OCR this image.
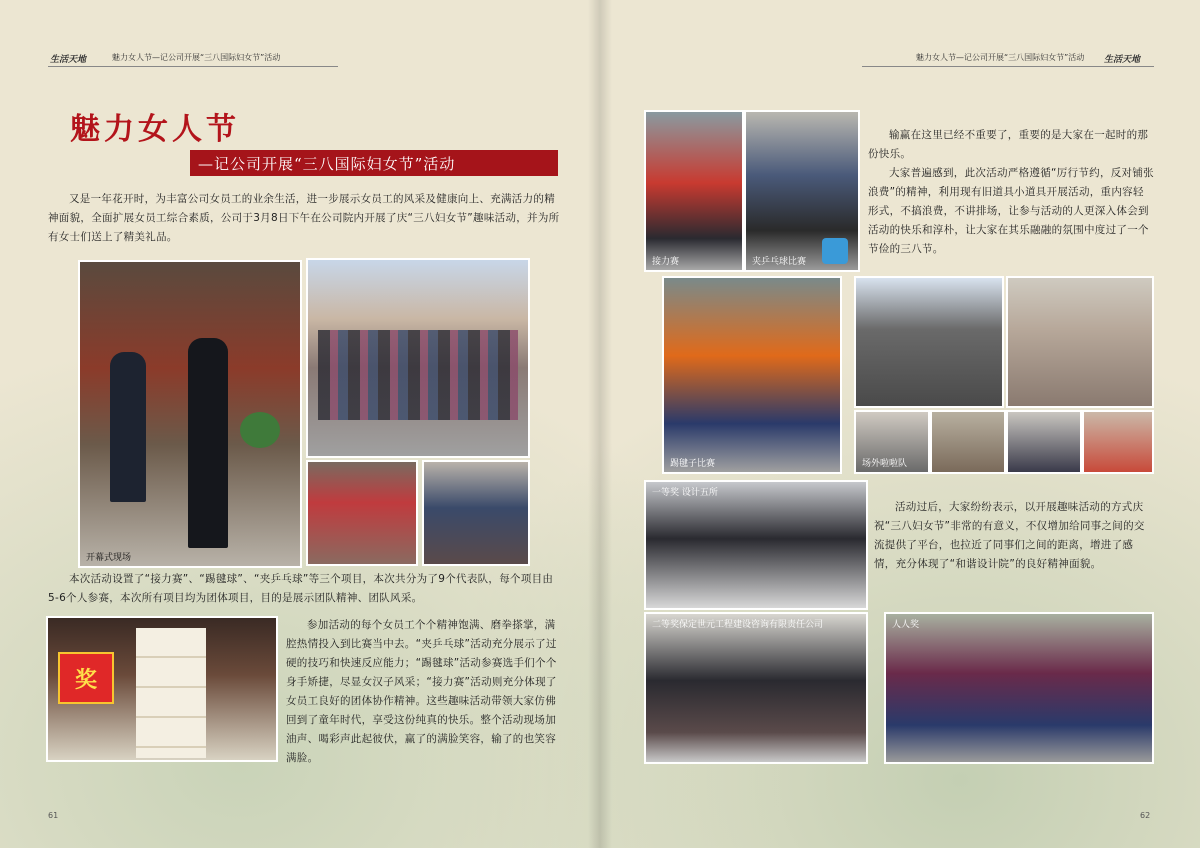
生活天地	魅力女人节—记公司开展“三八国际妇女节”活动
魅力女人节
—记公司开展“三八国际妇女节”活动
又是一年花开时，为丰富公司女员工的业余生活，进一步展示女员工的风采及健康向上、充满活力的精神面貌，全面扩展女员工综合素质，公司于3月8日下午在公司院内开展了庆“三八妇女节”趣味活动，并为所有女士们送上了精美礼品。
开幕式现场
本次活动设置了“接力赛”、“踢毽球”、“夹乒乓球”等三个项目，本次共分为了9个代表队，每个项目由5-6个人参赛，本次所有项目均为团体项目，目的是展示团队精神、团队风采。
奖
参加活动的每个女员工个个精神饱满、磨拳搽掌，满腔热情投入到比赛当中去。“夹乒乓球”活动充分展示了过硬的技巧和快速反应能力；“踢毽球”活动参赛选手们个个身手矫捷，尽显女汉子风采；“接力赛”活动则充分体现了女员工良好的团体协作精神。这些趣味活动带领大家仿佛回到了童年时代，享受这份纯真的快乐。整个活动现场加油声、喝彩声此起彼伏，赢了的满脸笑容，输了的也笑容满脸。
61
魅力女人节—记公司开展“三八国际妇女节”活动 生活天地
接力赛	夹乒乓球比赛
输赢在这里已经不重要了，重要的是大家在一起时的那份快乐。
大家普遍感到，此次活动严格遵循“厉行节约，反对铺张浪费”的精神，利用现有旧道具小道具开展活动，重内容轻形式，不搞浪费，不讲排场，让参与活动的人更深入体会到活动的快乐和淳朴，让大家在其乐融融的氛围中度过了一个节俭的三八节。
踢毽子比赛	场外啦啦队
一等奖 设计五所
活动过后，大家纷纷表示，以开展趣味活动的方式庆祝“三八妇女节”非常的有意义，不仅增加给同事之间的交流提供了平台，也拉近了同事们之间的距离，增进了感情，充分体现了“和谐设计院”的良好精神面貌。
二等奖保定世元工程建设咨询有限责任公司	人人奖
62
